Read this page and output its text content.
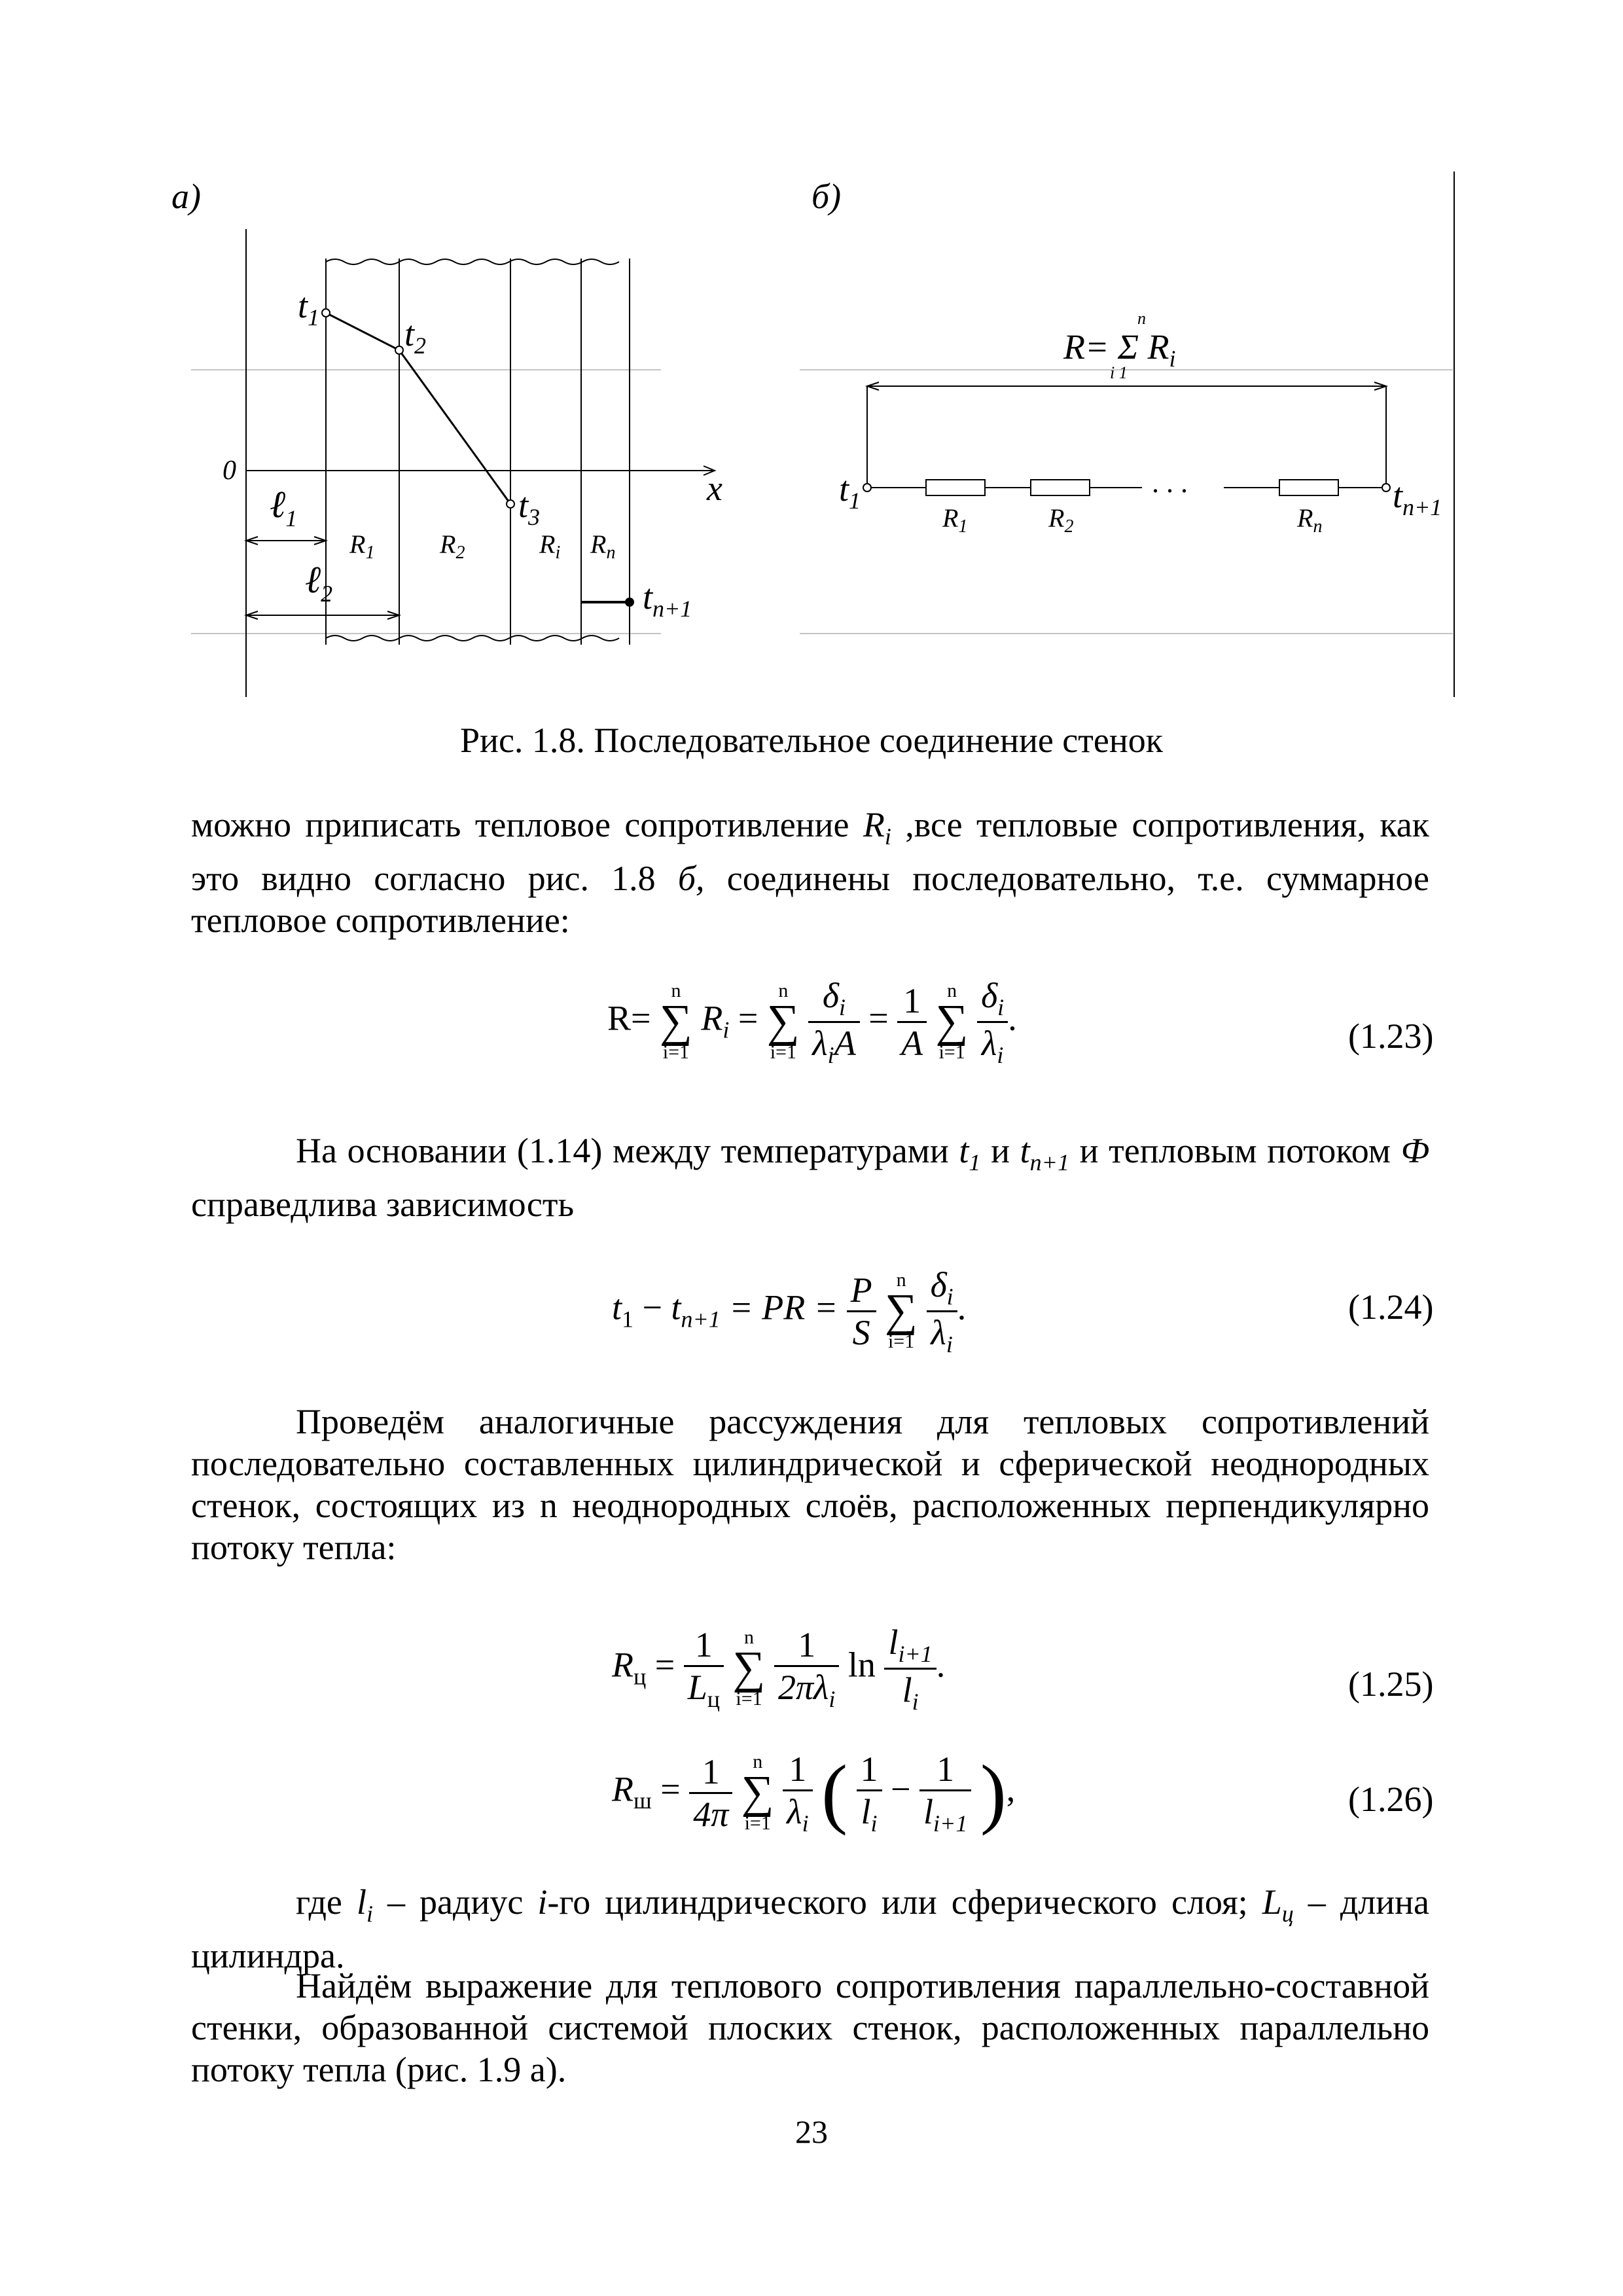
а)	б)
$t_1$ $t_2$
$t_3$
$t_{n+1}$
0	x
ℓ$_1$
ℓ$_2$
$R_1$ $R_2$	$R_i$ $R_n$
R= Σ $R_i$
n
i 1
$t_1$	$t_{n+1}$
. . .
$R_1$	$R_2$	$R_n$
Рис. 1.8. Последовательное соединение стенок

можно приписать тепловое сопротивление $R_i$ ,все тепловые сопротивления, как это видно согласно рис. 1.8 б, соединены последовательно, т.е. суммарное тепловое сопротивление:

R=
n
∑
i=1
$R_i$ =
n
∑
i=1
$\frac{\delta_i}{\lambda_iA} = \frac{1}{A}$
	n
∑
i=1
$\frac{\delta_i}{\lambda_i}$ .	(1.23)

На основании (1.14) между температурами $t_1$ и $t_{n+1}$ и тепловым потоком Ф справедлива зависимость

$t_1 - t_{n+1}$ = PR = $\frac{P}{S}$
	n
∑
i=1
$\frac{\delta_i}{\lambda_i}$ .	(1.24)

Проведём аналогичные рассуждения для тепловых сопротивлений последовательно составленных цилиндрической и сферической неоднородных стенок, состоящих из n неоднородных слоёв, расположенных перпендикулярно потоку тепла:

$R_ц = \frac{1}{L_ц}$
	n
∑
i=1
$\frac{1}{2\pi\lambda_i}$ $\ln \frac{l_{i+1}}{l_i}$ .	(1.25)
$R_ш = \frac{1}{4\pi}$
	n
∑
i=1
$\frac{1}{\lambda_i}$ ( $\frac{1}{l_i} - \frac{1}{l_{i+1}}$ ),	(1.26)

где $l_i$ – радиус i-го цилиндрического или сферического слоя; $L_ц$ – длина цилиндра.

Найдём выражение для теплового сопротивления параллельно-составной стенки, образованной системой плоских стенок, расположенных параллельно потоку тепла (рис. 1.9 а).

23
